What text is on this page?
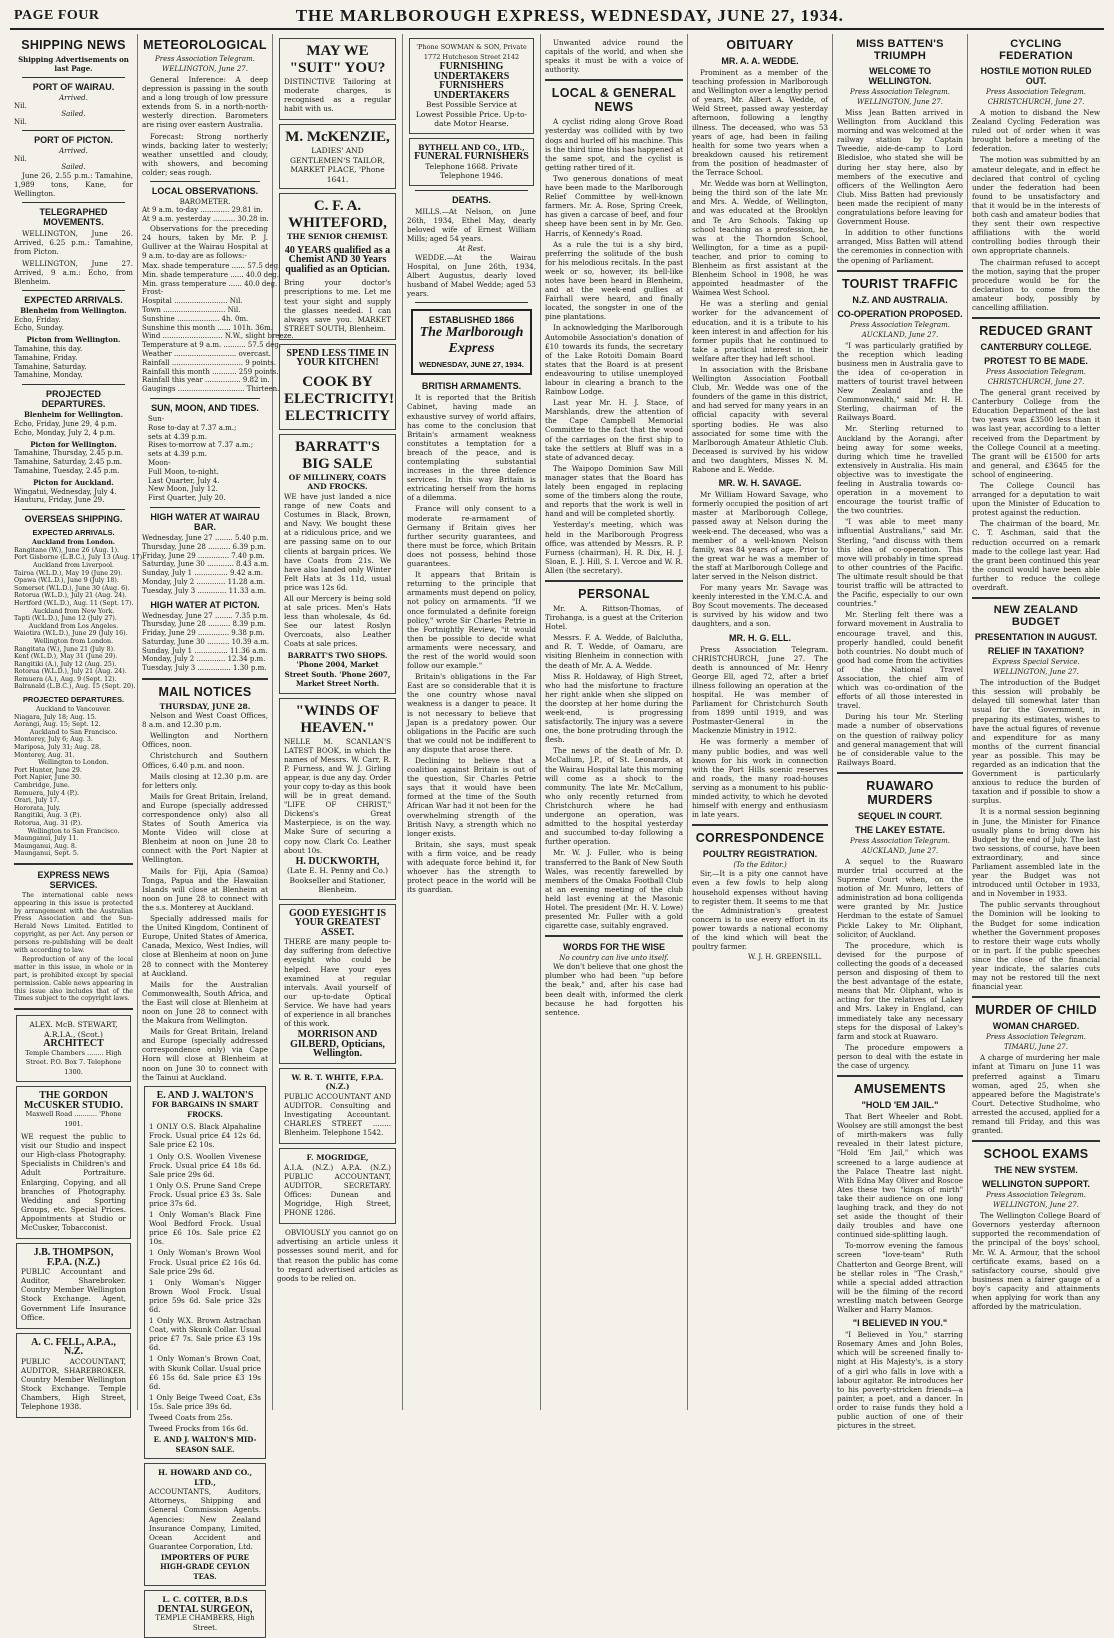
PAGE FOUR	THE MARLBOROUGH EXPRESS, WEDNESDAY, JUNE 27, 1934.
SHIPPING NEWS
Shipping Advertisements on last Page.
PORT OF WAIRAU.
Arrived.
Nil.
Sailed.
Nil.
PORT OF PICTON.
Arrived.
Nil.
Sailed.

June 26, 2.55 p.m.: Tamahine, 1,989 tons, Kane, for Wellington.

TELEGRAPHED MOVEMENTS.

WELLINGTON, June 26. Arrived, 6.25 p.m.: Tamahine, from Picton.

WELLINGTON, June 27. Arrived, 9 a.m.: Echo, from Blenheim.

EXPECTED ARRIVALS.
Blenheim from Wellington.
Echo, Friday.
Echo, Sunday.
Picton from Wellington.
Tamahine, this day.
Tamahine, Friday.
Tamahine, Saturday.
Tamahine, Monday.
PROJECTED DEPARTURES.
Blenheim for Wellington.
Echo, Friday, June 29, 4 p.m.
Echo, Monday, July 2, 4 p.m.
Picton for Wellington.
Tamahine, Thursday, 2.45 p.m.
Tamahine, Saturday, 2.45 p.m.
Tamahine, Tuesday, 2.45 p.m.
Picton for Auckland.
Wingatui, Wednesday, July 4.
Hauturu, Friday, June 29.
OVERSEAS SHIPPING.
EXPECTED ARRIVALS.
Auckland from London.
Rangitane (W.), June 26 (Aug. 1).
Port Gisborne (L.B.C.), July 13 (Aug. 17).
Auckland from Liverpool.
Tairoa (W.L.D.), May 19 (June 29).
Opawa (W.L.D.), June 9 (July 18).
Somerset (W.L.D.), June 30 (Aug. 6).
Rotorua (W.L.D.), July 21 (Aug. 24).
Hertford (W.L.D.), Aug. 11 (Sept. 17).
Auckland from New York.
Tapti (W.L.D.), June 12 (July 27).
Auckland from Los Angeles.
Waiotira (W.L.D.), June 29 (July 16).
Wellington from London.
Rangitata (W.), June 21 (July 8).
Kent (W.L.D.), May 31 (June 29).
Rangitiki (A.), July 12 (Aug. 25).
Rotorua (W.L.D.), July 21 (Aug. 24).
Remuera (A.), Aug. 9 (Sept. 12).
Balranald (L.B.C.), Aug. 15 (Sept. 20).
PROJECTED DEPARTURES.
Auckland to Vancouver.
Niagara, July 18; Aug. 15.
Aorangi, Aug. 15; Sept. 12.
Auckland to San Francisco.
Monterey, July 6; Aug. 3.
Mariposa, July 31; Aug. 28.
Monterey, Aug. 31.
Wellington to London.
Port Hunter, June 29.
Port Napier, June 30.
Cambridge, June.
Remuera, July 4 (P.).
Orari, July 17.
Hororata, July.
Rangitiki, Aug. 3 (P.).
Rotorua, Aug. 31 (P.).
Wellington to San Francisco.
Maunganui, July 11.
Maunganui, Aug. 8.
Maunganui, Sept. 5.
EXPRESS NEWS SERVICES.

The international cable news appearing in this issue is protected by arrangement with the Australian Press Association and the Sun-Herald News Limited. Entitled to copyright, as per Act. Any person or persons re-publishing will be dealt with according to law.

Reproduction of any of the local matter in this issue, in whole or in part, is prohibited except by special permission. Cable news appearing in this issue also includes that of the Times subject to the copyright laws.

ALEX. McB. STEWART, A.R.I.A., (Scot.)
ARCHITECT
Temple Chambers ........ High Street. P.O. Box 7. Telephone 1300.
THE GORDON McCUSKER STUDIO.
Maxwell Road ........... 'Phone 1901.

WE request the public to visit our Studio and inspect our High-class Photography. Specialists in Children's and Adult Portraiture. Enlarging, Copying, and all branches of Photography. Wedding and Sporting Groups, etc. Special Prices. Appointments at Studio or McCusker, Tobacconist.

J.B. THOMPSON, F.P.A. (N.Z.)

PUBLIC Accountant and Auditor, Sharebroker. Country Member Wellington Stock Exchange. Agent, Government Life Insurance Office.

A. C. FELL, A.P.A., N.Z.

PUBLIC ACCOUNTANT, AUDITOR, SHAREBROKER. Country Member Wellington Stock Exchange. Temple Chambers, High Street, Telephone 1938.

METEOROLOGICAL
Press Association Telegram.
WELLINGTON, June 27.

General Inference: A deep depression is passing in the south and a long trough of low pressure extends from S. in a north-north-westerly direction. Barometers are rising over eastern Australia.

Forecast: Strong northerly winds, backing later to westerly; weather unsettled and cloudy, with showers, and becoming colder; seas rough.

LOCAL OBSERVATIONS.
BAROMETER.
At 9 a.m. to-day ............. 29.81 in.
At 9 a.m. yesterday .......... 30.28 in.

Observations for the preceding 24 hours, taken by Mr. P. J. Gulliver at the Wairau Hospital at 9 a.m. to-day are as follows:-

Max. shade temperature ...... 57.5 deg.
Min. shade temperature ...... 40.0 deg.
Min. grass temperature ...... 40.0 deg.
Frost-
Hospital ........................ Nil.
Town ............................ Nil.
Sunshine ................... 4h. 0m.
Sunshine this month ...... 101h. 36m.
Wind ........................... N.W., slight breeze.
Temperature at 9 a.m. .......... 57.5 deg.
Weather ............................ overcast.
Rainfall ................................ 9 points.
Rainfall this month ........... 259 points.
Rainfall this year ................ 9.82 in.
Gaugings .............................. Thirteen.
SUN, MOON, AND TIDES.
Sun-
Rose to-day at 7.37 a.m.;
sets at 4.39 p.m.
Rises to-morrow at 7.37 a.m.;
sets at 4.39 p.m.
Moon-
Full Moon, to-night.
Last Quarter, July 4.
New Moon, July 12.
First Quarter, July 20.
HIGH WATER AT WAIRAU BAR.
Wednesday, June 27 ........ 5.40 p.m.
Thursday, June 28 .......... 6.39 p.m.
Friday, June 29 .............. 7.40 p.m.
Saturday, June 30 ............ 8.43 a.m.
Sunday, July 1 ............... 9.42 a.m.
Monday, July 2 ............. 11.28 a.m.
Tuesday, July 3 ............. 11.33 a.m.
HIGH WATER AT PICTON.
Wednesday, June 27 ........ 7.35 p.m.
Thursday, June 28 .......... 8.39 p.m.
Friday, June 29 .............. 9.38 p.m.
Saturday, June 30 .......... 10.39 a.m.
Sunday, July 1 ............... 11.36 a.m.
Monday, July 2 ............. 12.34 p.m.
Tuesday, July 3 ............... 1.30 p.m.
MAIL NOTICES
THURSDAY, JUNE 28.

Nelson and West Coast Offices, 8 a.m. and 12.30 p.m.

Wellington and Northern Offices, noon.

Christchurch and Southern Offices, 6.40 p.m. and noon.

Mails closing at 12.30 p.m. are for letters only.

Mails for Great Britain, Ireland, and Europe (specially addressed correspondence only) also all States of South America via Monte Video will close at Blenheim at noon on June 28 to connect with the Port Napier at Wellington.

Mails for Fiji, Apia (Samoa) Tonga, Papua and the Hawaiian Islands will close at Blenheim at noon on June 28 to connect with the s.s. Monterey at Auckland.

Specially addressed mails for the United Kingdom, Continent of Europe, United States of America, Canada, Mexico, West Indies, will close at Blenheim at noon on June 28 to connect with the Monterey at Auckland.

Mails for the Australian Commonwealth, South Africa, and the East will close at Blenheim at noon on June 28 to connect with the Makura from Wellington.

Mails for Great Britain, Ireland and Europe (specially addressed correspondence only) via Cape Horn will close at Blenheim at noon on June 30 to connect with the Tainui at Auckland.

E. AND J. WALTON'S
FOR BARGAINS IN SMART FROCKS.

1 ONLY O.S. Black Alpahaline Frock. Usual price £4 12s 6d. Sale price £2 10s.

1 Only O.S. Woollen Vivenese Frock. Usual price £4 18s 6d. Sale price 29s 6d.

1 Only O.S. Prune Sand Crepe Frock. Usual price £3 3s. Sale price 37s 6d.

1 Only Woman's Black Fine Wool Bedford Frock. Usual price £6 10s. Sale price £2 10s.

1 Only Woman's Brown Wool Frock. Usual price £2 16s 6d. Sale price 29s 6d.

1 Only Woman's Nigger Brown Wool Frock. Usual price 59s 6d. Sale price 32s 6d.

1 Only W.X. Brown Astrachan Coat, with Skunk Collar. Usual price £7 7s. Sale price £3 19s 6d.

1 Only Woman's Brown Coat, with Skunk Collar. Usual price £6 15s 6d. Sale price £3 19s 6d.

1 Only Beige Tweed Coat, £3s 15s. Sale price 39s 6d.

Tweed Coats from 25s.

Tweed Frocks from 16s 6d.

E. AND J. WALTON'S MID-SEASON SALE.
H. HOWARD AND CO., LTD.,

ACCOUNTANTS, Auditors, Attorneys, Shipping and General Commission Agents. Agencies: New Zealand Insurance Company, Limited, Ocean Accident and Guarantee Corporation, Ltd.

IMPORTERS OF PURE HIGH-GRADE CEYLON TEAS.
L. C. COTTER, B.D.S
DENTAL SURGEON,
TEMPLE CHAMBERS, High Street.
MAY WE "SUIT" YOU?

DISTINCTIVE Tailoring at moderate charges, is recognised as a regular habit with us.

M. McKENZIE,
LADIES' AND GENTLEMEN'S TAILOR, MARKET PLACE, 'Phone 1641.
C. F. A. WHITEFORD,
THE SENIOR CHEMIST.
40 YEARS qualified as a Chemist AND 30 Years qualified as an Optician.

Bring your doctor's prescriptions to me. Let me test your sight and supply the glasses needed. I can always save you. MARKET STREET SOUTH, Blenheim.

SPEND LESS TIME IN YOUR KITCHEN!
COOK BY ELECTRICITY! ELECTRICITY
BARRATT'S BIG SALE
OF MILLINERY, COATS AND FROCKS.

WE have just landed a nice range of new Coats and Costumes in Black, Brown, and Navy. We bought these at a ridiculous price, and we are passing same on to our clients at bargain prices. We have Coats from 21s. We have also landed only Winter Felt Hats at 3s 11d, usual price was 12s 6d.

All our Mercery is being sold at sale prices. Men's Hats less than wholesale, 4s 6d. See our latest Roslyn Overcoats, also Leather Coats at sale prices.

BARRATT'S TWO SHOPS. 'Phone 2004, Market Street South. 'Phone 2607, Market Street North.
"WINDS OF HEAVEN."

NELLE M. SCANLAN'S LATEST BOOK, in which the names of Messrs. W. Carr, R. P. Furness, and W. J. Girling appear, is due any day. Order your copy to-day as this book will be in great demand. "LIFE OF CHRIST," Dickens's Great Masterpiece, is on the way. Make Sure of securing a copy now. Clark Co. Leather about 10s.

H. DUCKWORTH,
(Late E. H. Penny and Co.) Bookseller and Stationer, Blenheim.
GOOD EYESIGHT IS YOUR GREATEST ASSET.

THERE are many people to-day suffering from defective eyesight who could be helped. Have your eyes examined at regular intervals. Avail yourself of our up-to-date Optical Service. We have had years of experience in all branches of this work.

MORRISON AND GILBERD, Opticians, Wellington.
W. R. T. WHITE, F.P.A. (N.Z.)

PUBLIC ACCOUNTANT AND AUDITOR. Consulting and Investigating Accountant. CHARLES STREET ........ Blenheim. Telephone 1542.

F. MOGRIDGE,

A.I.A. (N.Z.) A.P.A. (N.Z.) PUBLIC ACCOUNTANT, AUDITOR, SECRETARY. Offices: Dunean and Mogridge, High Street, PHONE 1286.

OBVIOUSLY you cannot go on advertising an article unless it possesses sound merit, and for that reason the public has come to regard advertised articles as goods to be relied on.

'Phone SOWMAN & SON, Private 1772 Hutcheson Street 2142
FURNISHING UNDERTAKERS FURNISHERS UNDERTAKERS
Best Possible Service at Lowest Possible Price. Up-to-date Motor Hearse.
BYTHELL AND CO., LTD.,
FUNERAL FURNISHERS
Telephone 1668. Private Telephone 1946.
DEATHS.

MILLS.—At Nelson, on June 26th, 1934, Ethel May, dearly beloved wife of Ernest William Mills; aged 54 years.

At Rest.

WEDDE.—At the Wairau Hospital, on June 26th, 1934, Albert Augustus, dearly loved husband of Mabel Wedde; aged 53 years.

ESTABLISHED 1866
The Marlborough Express
WEDNESDAY, JUNE 27, 1934.
BRITISH ARMAMENTS.

It is reported that the British Cabinet, having made an exhaustive survey of world affairs, has come to the conclusion that Britain's armament weakness constitutes a temptation for a breach of the peace, and is contemplating substantial increases in the three defence services. In this way Britain is extricating herself from the horns of a dilemma.

France will only consent to a moderate re-armament of Germany if Britain gives her further security guarantees, and there must be force, which Britain does not possess, behind those guarantees.

It appears that Britain is returning to the principle that armaments must depend on policy, not policy on armaments. "If we once formulated a definite foreign policy," wrote Sir Charles Petrie in the Fortnightly Review, "it would then be possible to decide what armaments were necessary, and the rest of the world would soon follow our example."

Britain's obligations in the Far East are so considerable that it is the one country whose naval weakness is a danger to peace. It is not necessary to believe that Japan is a predatory power. Our obligations in the Pacific are such that we could not be indifferent to any dispute that arose there.

Declining to believe that a coalition against Britain is out of the question, Sir Charles Petrie says that it would have been formed at the time of the South African War had it not been for the overwhelming strength of the British Navy, a strength which no longer exists.

Britain, she says, must speak with a firm voice, and be ready with adequate force behind it, for whoever has the strength to protect peace in the world will be its guardian.

Unwanted advice round the capitals of the world, and when she speaks it must be with a voice of authority.

LOCAL & GENERAL NEWS

A cyclist riding along Grove Road yesterday was collided with by two dogs and hurled off his machine. This is the third time this has happened at the same spot, and the cyclist is getting rather tired of it.

Two generous donations of meat have been made to the Marlborough Relief Committee by well-known farmers. Mr. A. Rose, Spring Creek, has given a carcase of beef, and four sheep have been sent in by Mr. Geo. Harris, of Kennedy's Road.

As a rule the tui is a shy bird, preferring the solitude of the bush for his melodious recitals. In the past week or so, however, its bell-like notes have been heard in Blenheim, and at the week-end gullies at Fairhall were heard, and finally located, the songster in one of the pine plantations.

In acknowledging the Marlborough Automobile Association's donation of £10 towards its funds, the secretary of the Lake Rotoiti Domain Board states that the Board is at present endeavouring to utilise unemployed labour in clearing a branch to the Rainbow Lodge.

Last year Mr. H. J. Stace, of Marshlands, drew the attention of the Cape Campbell Memorial Committee to the fact that the wood of the carriages on the first ship to take the settlers at Bluff was in a state of advanced decay.

The Waipopo Dominion Saw Mill manager states that the Board has lately been engaged in replacing some of the timbers along the route, and reports that the work is well in hand and will be completed shortly.

Yesterday's meeting, which was held in the Marlborough Progress office, was attended by Messrs. R. P. Furness (chairman), H. R. Dix, H. J. Sloan, E. J. Hill, S. I. Vercoe and W. R. Allen (the secretary).

PERSONAL

Mr. A. Rittson-Thomas, of Tirohanga, is a guest at the Criterion Hotel.

Messrs. F. A. Wedde, of Balclutha, and R. T. Wedde, of Oamaru, are visiting Blenheim in connection with the death of Mr. A. A. Wedde.

Miss R. Holdaway, of High Street, who had the misfortune to fracture her right ankle when she slipped on the doorstep at her home during the week-end, is progressing satisfactorily. The injury was a severe one, the bone protruding through the flesh.

The news of the death of Mr. D. McCallum, J.P., of St. Leonards, at the Wairau Hospital late this morning will come as a shock to the community. The late Mr. McCallum, who only recently returned from Christchurch where he had undergone an operation, was admitted to the hospital yesterday and succumbed to-day following a further operation.

Mr. W. J. Fuller, who is being transferred to the Bank of New South Wales, was recently farewelled by members of the Omaka Football Club at an evening meeting of the club held last evening at the Masonic Hotel. The president (Mr. H. V. Lowe) presented Mr. Fuller with a gold cigarette case, suitably engraved.

WORDS FOR THE WISE
No country can live unto itself.

We don't believe that one ghost the plumber who had been "up before the beak," and, after his case had been dealt with, informed the clerk because he had forgotten his sentence.

OBITUARY
MR. A. A. WEDDE.

Prominent as a member of the teaching profession in Marlborough and Wellington over a lengthy period of years, Mr. Albert A. Wedde, of Weld Street, passed away yesterday afternoon, following a lengthy illness. The deceased, who was 53 years of age, had been in failing health for some two years when a breakdown caused his retirement from the position of headmaster of the Terrace School.

Mr. Wedde was born at Wellington, being the third son of the late Mr. and Mrs. A. Wedde, of Wellington, and was educated at the Brooklyn and Te Aro Schools. Taking up school teaching as a profession, he was at the Thorndon School, Wellington, for a time as a pupil-teacher, and prior to coming to Blenheim as first assistant at the Blenheim School in 1908, he was appointed headmaster of the Waimea West School.

He was a sterling and genial worker for the advancement of education, and it is a tribute to his keen interest in and affection for his former pupils that he continued to take a practical interest in their welfare after they had left school.

In association with the Brisbane Wellington Association Football Club, Mr. Wedde was one of the founders of the game in this district, and had served for many years in an official capacity with several sporting bodies. He was also associated for some time with the Marlborough Amateur Athletic Club. Deceased is survived by his widow and two daughters, Misses N. M. Rabone and E. Wedde.

MR. W. H. SAVAGE.

Mr William Howard Savage, who formerly occupied the position of art master at Marlborough College, passed away at Nelson during the week-end. The deceased, who was a member of a well-known Nelson family, was 84 years of age. Prior to the great war he was a member of the staff at Marlborough College and later served in the Nelson district.

For many years Mr. Savage was keenly interested in the Y.M.C.A. and Boy Scout movements. The deceased is survived by his widow and two daughters, and a son.

MR. H. G. ELL.

Press Association Telegram. CHRISTCHURCH, June 27. The death is announced of Mr. Henry George Ell, aged 72, after a brief illness following an operation at the hospital. He was member of Parliament for Christchurch South from 1899 until 1919, and was Postmaster-General in the Mackenzie Ministry in 1912.

He was formerly a member of many public bodies, and was well known for his work in connection with the Port Hills scenic reserves and roads, the many road-houses serving as a monument to his public-minded activity, to which he devoted himself with energy and enthusiasm in late years.

CORRESPONDENCE
POULTRY REGISTRATION.
(To the Editor.)

Sir,—It is a pity one cannot have even a few fowls to help along household expenses without having to register them. It seems to me that the Administration's greatest concern is to use every effort in its power towards a national economy of the kind which will beat the poultry farmer.

W. J. H. GREENSILL.
MISS BATTEN'S TRIUMPH
WELCOME TO WELLINGTON.
Press Association Telegram.
WELLINGTON, June 27.

Miss Jean Batten arrived in Wellington from Auckland this morning and was welcomed at the railway station by Captain Tweedie, aide-de-camp to Lord Bledisloe, who stated she will be during her stay here, also by members of the executive and officers of the Wellington Aero Club. Miss Batten had previously been made the recipient of many congratulations before leaving for Government House.

In addition to other functions arranged, Miss Batten will attend the ceremonies in connection with the opening of Parliament.

TOURIST TRAFFIC
N.Z. AND AUSTRALIA.
CO-OPERATION PROPOSED.
Press Association Telegram.
AUCKLAND, June 27.

"I was particularly gratified by the reception which leading business men in Australia gave to the idea of co-operation in matters of tourist travel between New Zealand and the Commonwealth," said Mr. H. H. Sterling, chairman of the Railways Board.

Mr. Sterling returned to Auckland by the Aorangi, after being away for some weeks, during which time he travelled extensively in Australia. His main objective was to investigate the feeling in Australia towards co-operation in a movement to encourage the tourist traffic of the two countries.

"I was able to meet many influential Australians," said Mr. Sterling, "and discuss with them this idea of co-operation. This move will probably in time spread to other countries of the Pacific. The ultimate result should be that tourist traffic will be attracted to the Pacific, especially to our own countries."

Mr. Sterling felt there was a forward movement in Australia to encourage travel, and this, properly handled, could benefit both countries. No doubt much of good had come from the activities of the National Travel Association, the chief aim of which was co-ordination of the efforts of all those interested in travel.

During his tour Mr. Sterling made a number of observations on the question of railway policy and general management that will be of considerable value to the Railways Board.

RUAWARO MURDERS
SEQUEL IN COURT.
THE LAKEY ESTATE.
Press Association Telegram.
AUCKLAND, June 27.

A sequel to the Ruawaro murder trial occurred at the Supreme Court when, on the motion of Mr. Munro, letters of administration ad bona colligenda were granted by Mr. Justice Herdman to the estate of Samuel Pickle Lakey to Mr. Oliphant, solicitor, of Auckland.

The procedure, which is devised for the purpose of collecting the goods of a deceased person and disposing of them to the best advantage of the estate, means that Mr. Oliphant, who is acting for the relatives of Lakey and Mrs. Lakey in England, can immediately take any necessary steps for the disposal of Lakey's farm and stock at Ruawaro.

The procedure empowers a person to deal with the estate in the case of urgency.

AMUSEMENTS
"HOLD 'EM JAIL."

That Bert Wheeler and Robt. Woolsey are still amongst the best of mirth-makers was fully revealed in their latest picture, "Hold 'Em Jail," which was screened to a large audience at the Palace Theatre last night. With Edna May Oliver and Roscoe Ates these two "kings of mirth" take their audience on one long laughing track, and they do not set aside the thought of their daily troubles and have one continued side-splitting laugh.

To-morrow evening the famous screen "love-team" Ruth Chatterton and George Brent, will be stellar roles in "The Crash," while a special added attraction will be the filming of the record wrestling match between George Walker and Harry Mamos.

"I BELIEVED IN YOU."

"I Believed in You," starring Rosemary Ames and John Boles, which will be screened finally to-night at His Majesty's, is a story of a girl who falls in love with a labour agitator. Re introduces her to his poverty-stricken friends—a painter, a poet, and a dancer. In order to raise funds they hold a public auction of one of their pictures in the street.

CYCLING FEDERATION
HOSTILE MOTION RULED OUT.
Press Association Telegram.
CHRISTCHURCH, June 27.

A motion to disband the New Zealand Cycling Federation was ruled out of order when it was brought before a meeting of the federation.

The motion was submitted by an amateur delegate, and in effect he declared that control of cycling under the federation had been found to be unsatisfactory and that it would be in the interests of both cash and amateur bodies that they sent their own respective affiliations with the world controlling bodies through their own appropriate channels.

The chairman refused to accept the motion, saying that the proper procedure would be for the declaration to come from the amateur body, possibly by cancelling affiliation.

REDUCED GRANT
CANTERBURY COLLEGE.
PROTEST TO BE MADE.
Press Association Telegram.
CHRISTCHURCH, June 27.

The general grant received by Canterbury College from the Education Department of the last two years was £3500 less than it was last year, according to a letter received from the Department by the College Council at a meeting. The grant will be £1500 for arts and general, and £3645 for the school of engineering.

The College Council has arranged for a deputation to wait upon the Minister of Education to protest against the reduction.

The chairman of the board, Mr. C. T. Aschman, said that the reduction occurred on a remark made to the college last year. Had the grant been continued this year the council would have been able further to reduce the college overdraft.

NEW ZEALAND BUDGET
PRESENTATION IN AUGUST.
RELIEF IN TAXATION?
Express Special Service.
WELLINGTON, June 27.

The introduction of the Budget this session will probably be delayed till somewhat later than usual for the Government, in preparing its estimates, wishes to have the actual figures of revenue and expenditure for as many months of the current financial year as possible. This may be regarded as an indication that the Government is particularly anxious to reduce the burden of taxation and if possible to show a surplus.

It is a normal session beginning in June, the Minister for Finance usually plans to bring down his Budget by the end of July. The last two sessions, of course, have been extraordinary, and since Parliament assembled late in the year the Budget was not introduced until October in 1933, and in November in 1933.

The public servants throughout the Dominion will be looking to the Budget for some indication whether the Government proposes to restore their wage cuts wholly or in part. If the public speeches since the close of the financial year indicate, the salaries cuts may not be restored till the next financial year.

MURDER OF CHILD
WOMAN CHARGED.
Press Association Telegram.
TIMARU, June 27.

A charge of murdering her male infant at Timaru on June 11 was preferred against a Timaru woman, aged 25, when she appeared before the Magistrate's Court. Detective Studholme, who arrested the accused, applied for a remand till Friday, and this was granted.

SCHOOL EXAMS
THE NEW SYSTEM.
WELLINGTON SUPPORT.
Press Association Telegram.
WELLINGTON, June 27.

The Wellington College Board of Governors yesterday afternoon supported the recommendation of the principal of the boys' school, Mr. W. A. Armour, that the school certificate exams, based on a satisfactory course, should give business men a fairer gauge of a boy's capacity and attainments when applying for work than any afforded by the matriculation.
